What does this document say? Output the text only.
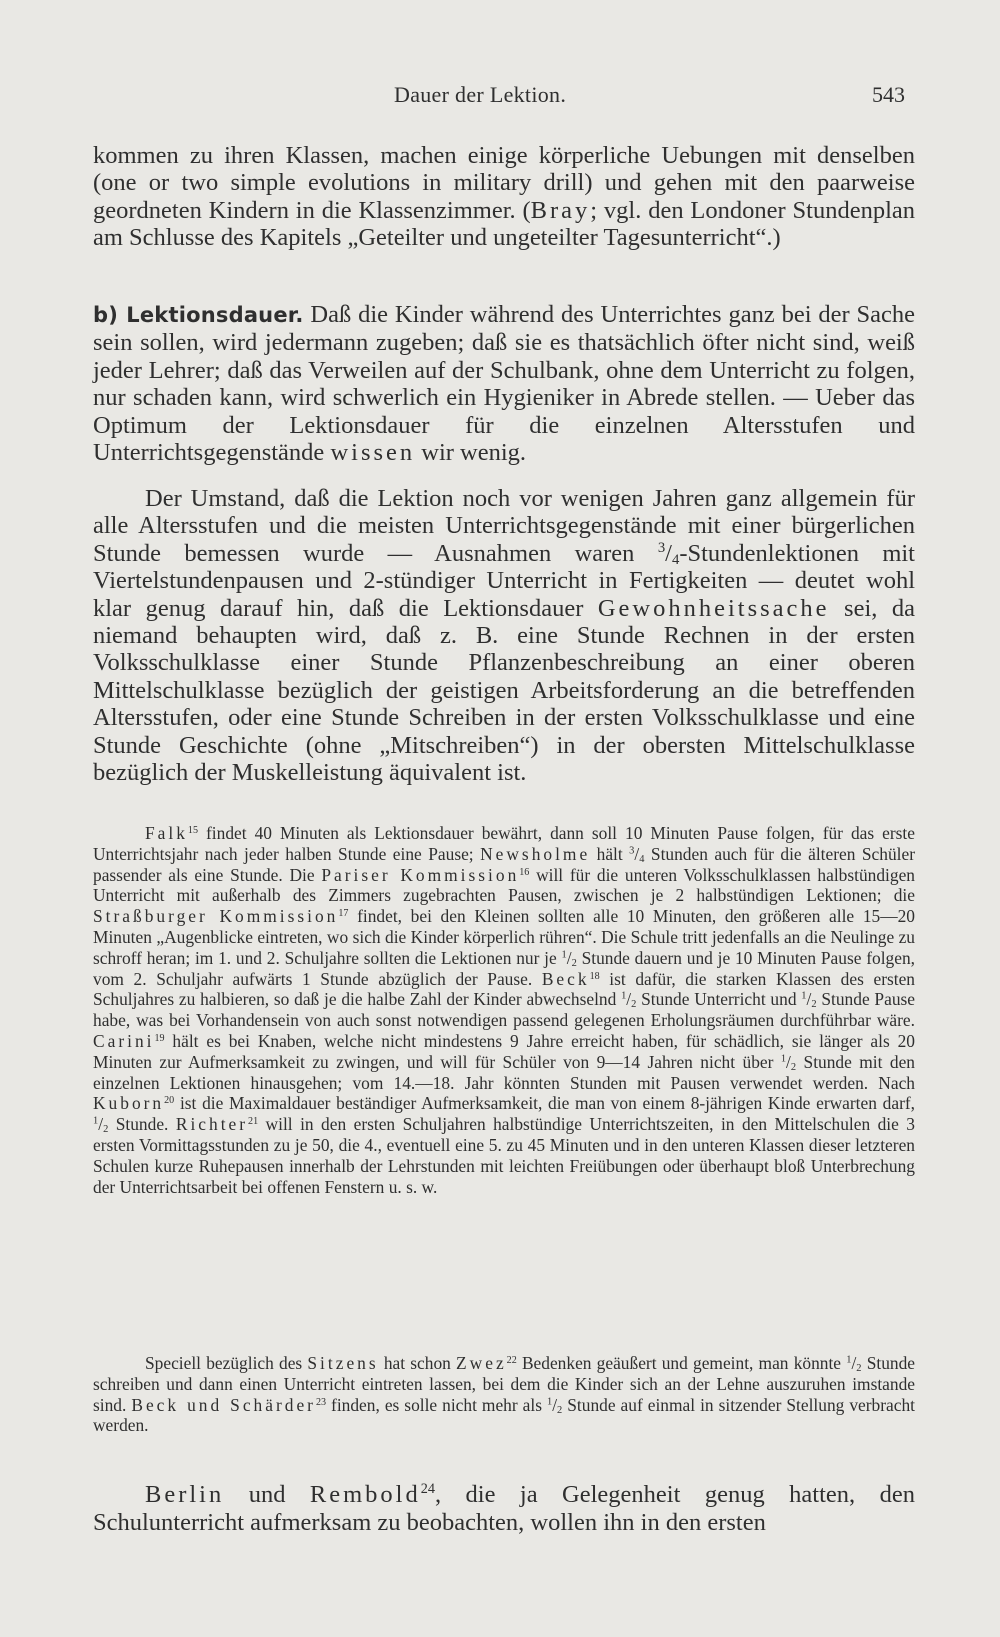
Dauer der Lektion.	543

kommen zu ihren Klassen, machen einige körperliche Uebungen mit denselben (one or two simple evolutions in military drill) und gehen mit den paarweise geordneten Kindern in die Klassenzimmer. (Bray; vgl. den Londoner Stundenplan am Schlusse des Kapitels „Geteilter und ungeteilter Tagesunterricht“.)

b) Lektionsdauer. Daß die Kinder während des Unterrichtes ganz bei der Sache sein sollen, wird jedermann zugeben; daß sie es thatsächlich öfter nicht sind, weiß jeder Lehrer; daß das Verweilen auf der Schulbank, ohne dem Unterricht zu folgen, nur schaden kann, wird schwerlich ein Hygieniker in Abrede stellen. — Ueber das Optimum der Lektionsdauer für die einzelnen Altersstufen und Unterrichtsgegenstände wissen wir wenig.

Der Umstand, daß die Lektion noch vor wenigen Jahren ganz allgemein für alle Altersstufen und die meisten Unterrichtsgegenstände mit einer bürgerlichen Stunde bemessen wurde — Ausnahmen waren $^3/_4$-Stundenlektionen mit Viertelstundenpausen und 2-stündiger Unterricht in Fertigkeiten — deutet wohl klar genug darauf hin, daß die Lektionsdauer Gewohnheitssache sei, da niemand behaupten wird, daß z. B. eine Stunde Rechnen in der ersten Volksschulklasse einer Stunde Pflanzenbeschreibung an einer oberen Mittelschulklasse bezüglich der geistigen Arbeitsforderung an die betreffenden Altersstufen, oder eine Stunde Schreiben in der ersten Volksschulklasse und eine Stunde Geschichte (ohne „Mitschreiben“) in der obersten Mittelschulklasse bezüglich der Muskelleistung äquivalent ist.

Falk$^{15}$ findet 40 Minuten als Lektionsdauer bewährt, dann soll 10 Minuten Pause folgen, für das erste Unterrichtsjahr nach jeder halben Stunde eine Pause; Newsholme hält $^3/_4$ Stunden auch für die älteren Schüler passender als eine Stunde. Die Pariser Kommission$^{16}$ will für die unteren Volksschulklassen halbstündigen Unterricht mit außerhalb des Zimmers zugebrachten Pausen, zwischen je 2 halbstündigen Lektionen; die Straßburger Kommission$^{17}$ findet, bei den Kleinen sollten alle 10 Minuten, den größeren alle 15—20 Minuten „Augenblicke eintreten, wo sich die Kinder körperlich rühren“. Die Schule tritt jedenfalls an die Neulinge zu schroff heran; im 1. und 2. Schuljahre sollten die Lektionen nur je $^1/_2$ Stunde dauern und je 10 Minuten Pause folgen, vom 2. Schuljahr aufwärts 1 Stunde abzüglich der Pause. Beck$^{18}$ ist dafür, die starken Klassen des ersten Schuljahres zu halbieren, so daß je die halbe Zahl der Kinder abwechselnd $^1/_2$ Stunde Unterricht und $^1/_2$ Stunde Pause habe, was bei Vorhandensein von auch sonst notwendigen passend gelegenen Erholungsräumen durchführbar wäre. Carini$^{19}$ hält es bei Knaben, welche nicht mindestens 9 Jahre erreicht haben, für schädlich, sie länger als 20 Minuten zur Aufmerksamkeit zu zwingen, und will für Schüler von 9—14 Jahren nicht über $^1/_2$ Stunde mit den einzelnen Lektionen hinausgehen; vom 14.—18. Jahr könnten Stunden mit Pausen verwendet werden. Nach Kuborn$^{20}$ ist die Maximaldauer beständiger Aufmerksamkeit, die man von einem 8-jährigen Kinde erwarten darf, $^1/_2$ Stunde. Richter$^{21}$ will in den ersten Schuljahren halbstündige Unterrichtszeiten, in den Mittelschulen die 3 ersten Vormittagsstunden zu je 50, die 4., eventuell eine 5. zu 45 Minuten und in den unteren Klassen dieser letzteren Schulen kurze Ruhepausen innerhalb der Lehrstunden mit leichten Freiübungen oder überhaupt bloß Unterbrechung der Unterrichtsarbeit bei offenen Fenstern u. s. w.

Speciell bezüglich des Sitzens hat schon Zwez$^{22}$ Bedenken geäußert und gemeint, man könnte $^1/_2$ Stunde schreiben und dann einen Unterricht eintreten lassen, bei dem die Kinder sich an der Lehne auszuruhen imstande sind. Beck und Schärder$^{23}$ finden, es solle nicht mehr als $^1/_2$ Stunde auf einmal in sitzender Stellung verbracht werden.

Berlin und Rembold$^{24}$, die ja Gelegenheit genug hatten, den Schulunterricht aufmerksam zu beobachten, wollen ihn in den ersten
